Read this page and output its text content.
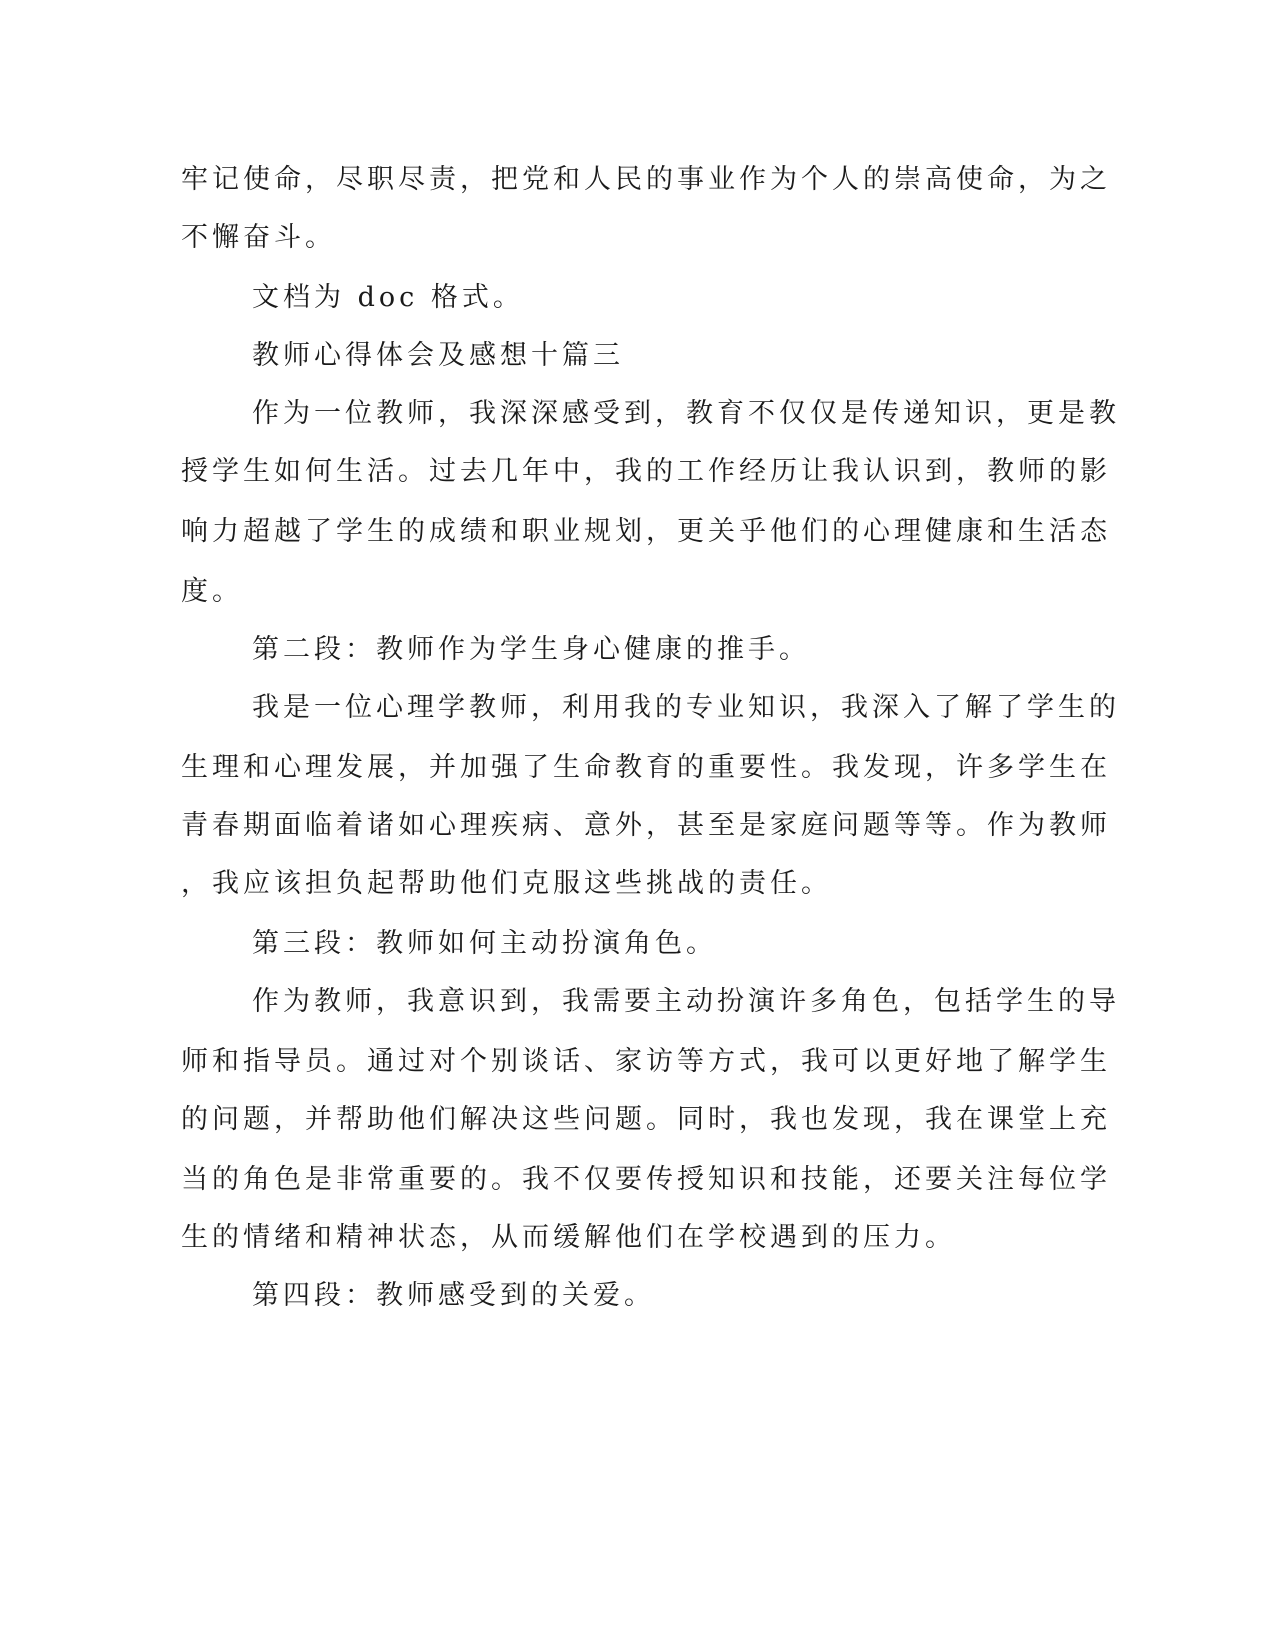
牢记使命，尽职尽责，把党和人民的事业作为个人的崇高使命，为之
不懈奋斗。
文档为 doc 格式。
教师心得体会及感想十篇三
作为一位教师，我深深感受到，教育不仅仅是传递知识，更是教
授学生如何生活。过去几年中，我的工作经历让我认识到，教师的影
响力超越了学生的成绩和职业规划，更关乎他们的心理健康和生活态
度。
第二段：教师作为学生身心健康的推手。
我是一位心理学教师，利用我的专业知识，我深入了解了学生的
生理和心理发展，并加强了生命教育的重要性。我发现，许多学生在
青春期面临着诸如心理疾病、意外，甚至是家庭问题等等。作为教师
，我应该担负起帮助他们克服这些挑战的责任。
第三段：教师如何主动扮演角色。
作为教师，我意识到，我需要主动扮演许多角色，包括学生的导
师和指导员。通过对个别谈话、家访等方式，我可以更好地了解学生
的问题，并帮助他们解决这些问题。同时，我也发现，我在课堂上充
当的角色是非常重要的。我不仅要传授知识和技能，还要关注每位学
生的情绪和精神状态，从而缓解他们在学校遇到的压力。
第四段：教师感受到的关爱。
